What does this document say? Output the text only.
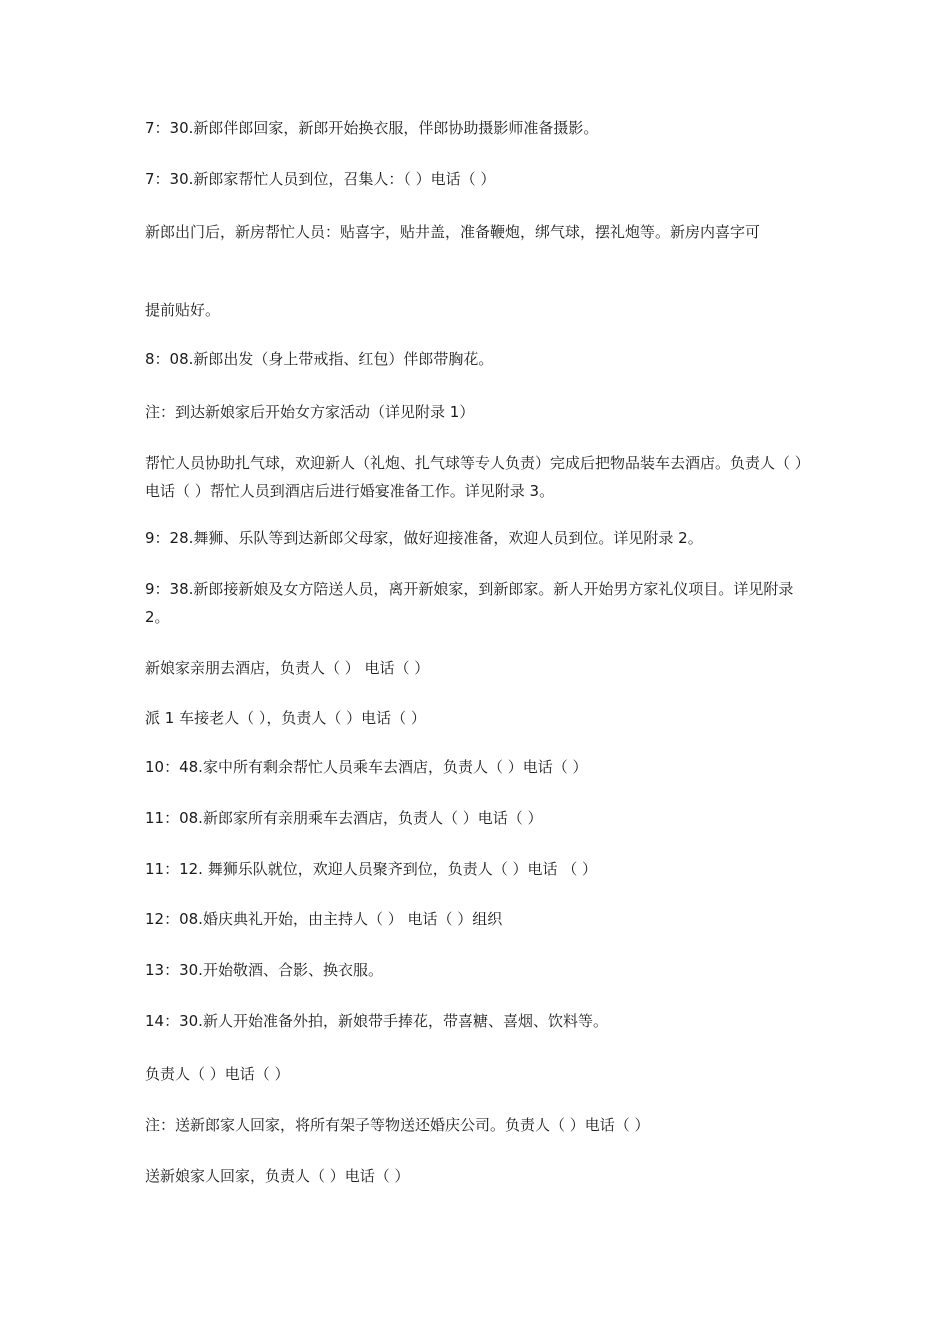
7：30.新郎伴郎回家，新郎开始换衣服，伴郎协助摄影师准备摄影。

7：30.新郎家帮忙人员到位，召集人：（ ）电话（ ）

新郎出门后，新房帮忙人员：贴喜字，贴井盖，准备鞭炮，绑气球，摆礼炮等。新房内喜字可

提前贴好。

8：08.新郎出发（身上带戒指、红包）伴郎带胸花。

注：到达新娘家后开始女方家活动（详见附录 1）

帮忙人员协助扎气球，欢迎新人（礼炮、扎气球等专人负责）完成后把物品装车去酒店。负责人（ ）电话（ ）帮忙人员到酒店后进行婚宴准备工作。详见附录 3。

9：28.舞狮、乐队等到达新郎父母家，做好迎接准备，欢迎人员到位。详见附录 2。

9：38.新郎接新娘及女方陪送人员，离开新娘家，到新郎家。新人开始男方家礼仪项目。详见附录 2。

新娘家亲朋去酒店，负责人（ ） 电话（ ）

派 1 车接老人（ ），负责人（ ）电话（ ）

10：48.家中所有剩余帮忙人员乘车去酒店，负责人（ ）电话（ ）

11：08.新郎家所有亲朋乘车去酒店，负责人（ ）电话（ ）

11：12. 舞狮乐队就位，欢迎人员聚齐到位，负责人（ ）电话 （ ）

12：08.婚庆典礼开始，由主持人（ ） 电话（ ）组织

13：30.开始敬酒、合影、换衣服。

14：30.新人开始准备外拍，新娘带手捧花，带喜糖、喜烟、饮料等。

负责人（ ）电话（ ）

注：送新郎家人回家，将所有架子等物送还婚庆公司。负责人（ ）电话（ ）

送新娘家人回家，负责人（ ）电话（ ）
